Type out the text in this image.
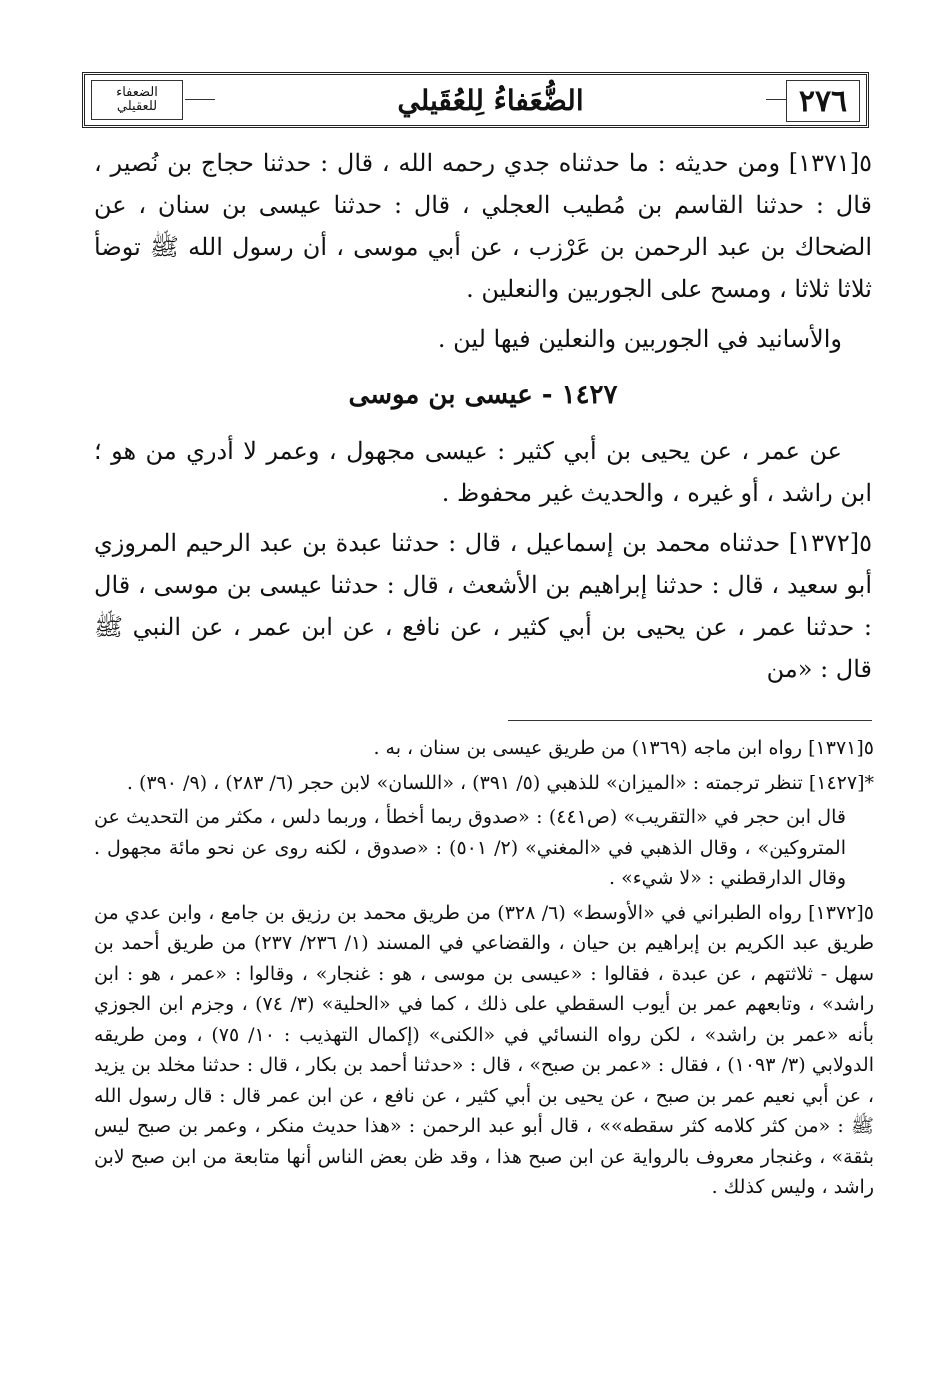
٢٧٦
الضُّعَفاءُ لِلعُقَيلي
الضعفاء للعقيلي

٥[١٣٧١] ومن حديثه : ما حدثناه جدي رحمه الله ، قال : حدثنا حجاج بن نُصير ، قال : حدثنا القاسم بن مُطيب العجلي ، قال : حدثنا عيسى بن سنان ، عن الضحاك بن عبد الرحمن بن عَرْزب ، عن أبي موسى ، أن رسول الله ﷺ توضأ ثلاثا ثلاثا ، ومسح على الجوربين والنعلين .

والأسانيد في الجوربين والنعلين فيها لين .

١٤٢٧ - عيسى بن موسى

عن عمر ، عن يحيى بن أبي كثير : عيسى مجهول ، وعمر لا أدري من هو ؛ ابن راشد ، أو غيره ، والحديث غير محفوظ .

٥[١٣٧٢] حدثناه محمد بن إسماعيل ، قال : حدثنا عبدة بن عبد الرحيم المروزي أبو سعيد ، قال : حدثنا إبراهيم بن الأشعث ، قال : حدثنا عيسى بن موسى ، قال : حدثنا عمر ، عن يحيى بن أبي كثير ، عن نافع ، عن ابن عمر ، عن النبي ﷺ قال : «من

٥[١٣٧١] رواه ابن ماجه (١٣٦٩) من طريق عيسى بن سنان ، به .

*[١٤٢٧] تنظر ترجمته : «الميزان» للذهبي (٥/ ٣٩١) ، «اللسان» لابن حجر (٦/ ٢٨٣) ، (٩/ ٣٩٠) .

قال ابن حجر في «التقريب» (ص٤٤١) : «صدوق ربما أخطأ ، وربما دلس ، مكثر من التحديث عن المتروكين» ، وقال الذهبي في «المغني» (٢/ ٥٠١) : «صدوق ، لكنه روى عن نحو مائة مجهول . وقال الدارقطني : «لا شيء» .

٥[١٣٧٢] رواه الطبراني في «الأوسط» (٦/ ٣٢٨) من طريق محمد بن رزيق بن جامع ، وابن عدي من طريق عبد الكريم بن إبراهيم بن حيان ، والقضاعي في المسند (١/ ٢٣٦/ ٢٣٧) من طريق أحمد بن سهل - ثلاثتهم ، عن عبدة ، فقالوا : «عيسى بن موسى ، هو : غنجار» ، وقالوا : «عمر ، هو : ابن راشد» ، وتابعهم عمر بن أيوب السقطي على ذلك ، كما في «الحلية» (٣/ ٧٤) ، وجزم ابن الجوزي بأنه «عمر بن راشد» ، لكن رواه النسائي في «الكنى» (إكمال التهذيب : ١٠/ ٧٥) ، ومن طريقه الدولابي (٣/ ١٠٩٣) ، فقال : «عمر بن صبح» ، قال : «حدثنا أحمد بن بكار ، قال : حدثنا مخلد بن يزيد ، عن أبي نعيم عمر بن صبح ، عن يحيى بن أبي كثير ، عن نافع ، عن ابن عمر قال : قال رسول الله ﷺ : «من كثر كلامه كثر سقطه»» ، قال أبو عبد الرحمن : «هذا حديث منكر ، وعمر بن صبح ليس بثقة» ، وغنجار معروف بالرواية عن ابن صبح هذا ، وقد ظن بعض الناس أنها متابعة من ابن صبح لابن راشد ، وليس كذلك .
